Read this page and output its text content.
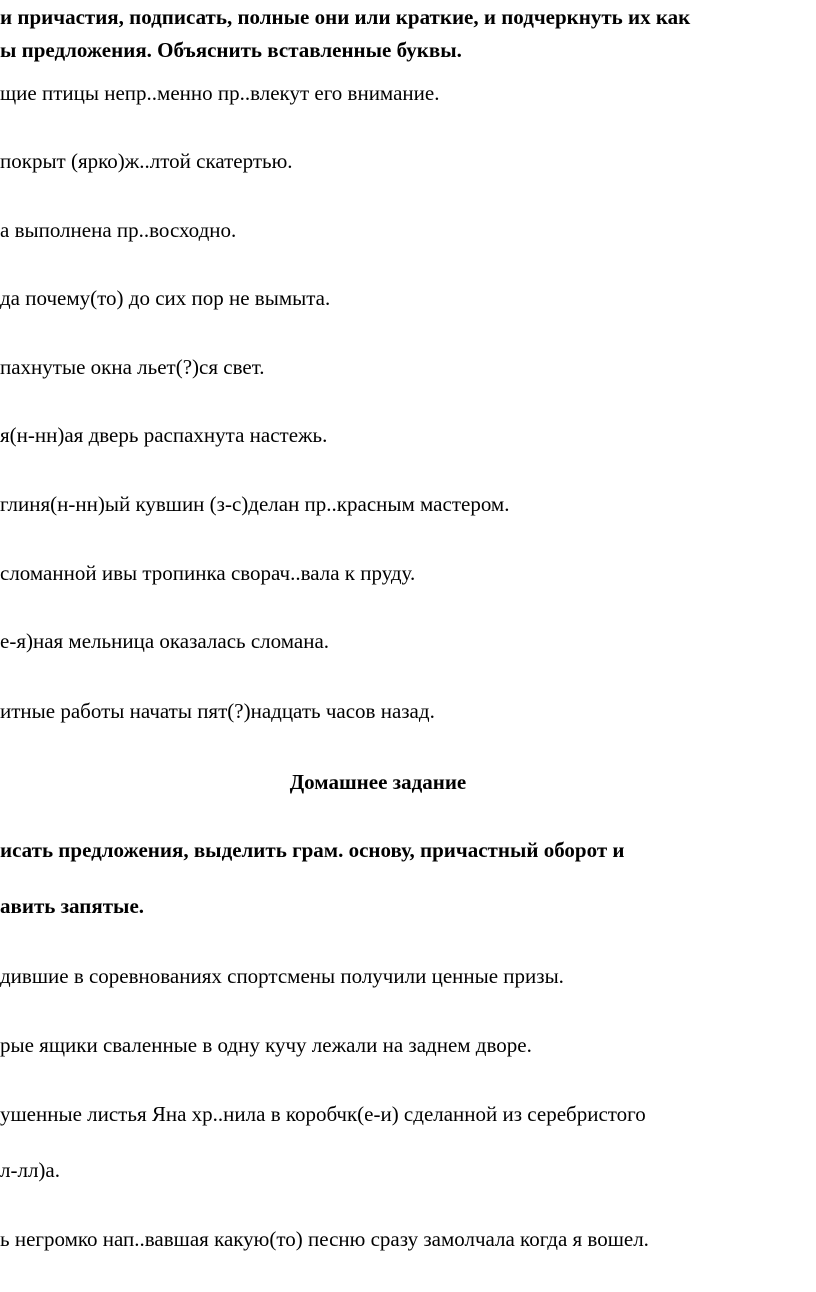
и причастия, подписать, полные они или краткие, и подчеркнуть их как
ы предложения. Объяснить вставленные буквы.
щие птицы непр..менно пр..влекут его внимание.
покрыт (ярко)ж..лтой скатертью.
а выполнена пр..восходно.
да почему(то) до сих пор не вымыта.
пахнутые окна льет(?)ся свет.
я(н-нн)ая дверь распахнута настежь.
глиня(н-нн)ый кувшин (з-с)делан пр..красным мастером.
сломанной ивы тропинка сворач..вала к пруду.
е-я)ная мельница оказалась сломана.
итные работы начаты пят(?)надцать часов назад.
Домашнее задание
исать предложения, выделить грам. основу, причастный оборот и
авить запятые.
дившие в соревнованиях спортсмены получили ценные призы.
рые ящики сваленные в одну кучу лежали на заднем дворе.
ушенные листья Яна хр..нила в коробчк(е-и) сделанной из серебристого
л-лл)а.
ь негромко нап..вавшая какую(то) песню сразу замолчала когда я вошел.
